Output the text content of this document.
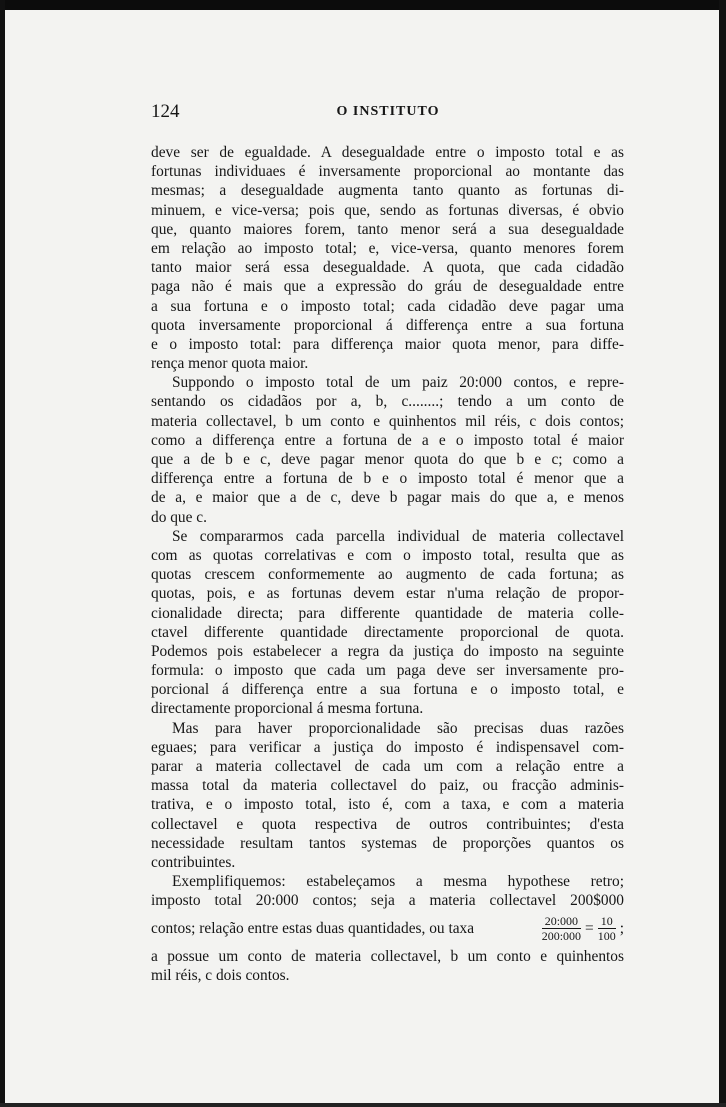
124	O INSTITUTO
deve ser de egualdade. A desegualdade entre o imposto total e as
fortunas individuaes é inversamente proporcional ao montante das
mesmas; a desegualdade augmenta tanto quanto as fortunas di-
minuem, e vice-versa; pois que, sendo as fortunas diversas, é obvio
que, quanto maiores forem, tanto menor será a sua desegualdade
em relação ao imposto total; e, vice-versa, quanto menores forem
tanto maior será essa desegualdade. A quota, que cada cidadão
paga não é mais que a expressão do gráu de desegualdade entre
a sua fortuna e o imposto total; cada cidadão deve pagar uma
quota inversamente proporcional á differença entre a sua fortuna
e o imposto total: para differença maior quota menor, para diffe-
rença menor quota maior.
Suppondo o imposto total de um paiz 20:000 contos, e repre-
sentando os cidadãos por a, b, c........; tendo a um conto de
materia collectavel, b um conto e quinhentos mil réis, c dois contos;
como a differença entre a fortuna de a e o imposto total é maior
que a de b e c, deve pagar menor quota do que b e c; como a
differença entre a fortuna de b e o imposto total é menor que a
de a, e maior que a de c, deve b pagar mais do que a, e menos
do que c.
Se compararmos cada parcella individual de materia collectavel
com as quotas correlativas e com o imposto total, resulta que as
quotas crescem conformemente ao augmento de cada fortuna; as
quotas, pois, e as fortunas devem estar n'uma relação de propor-
cionalidade directa; para differente quantidade de materia colle-
ctavel differente quantidade directamente proporcional de quota.
Podemos pois estabelecer a regra da justiça do imposto na seguinte
formula: o imposto que cada um paga deve ser inversamente pro-
porcional á differença entre a sua fortuna e o imposto total, e
directamente proporcional á mesma fortuna.
Mas para haver proporcionalidade são precisas duas razões
eguaes; para verificar a justiça do imposto é indispensavel com-
parar a materia collectavel de cada um com a relação entre a
massa total da materia collectavel do paiz, ou fracção adminis-
trativa, e o imposto total, isto é, com a taxa, e com a materia
collectavel e quota respectiva de outros contribuintes; d'esta
necessidade resultam tantos systemas de proporções quantos os
contribuintes.
Exemplifiquemos: estabeleçamos a mesma hypothese retro;
imposto total 20:000 contos; seja a materia collectavel 200$000
contos; relação entre estas duas quantidades, ou taxa	$\frac{20:000}{200:000} = \frac{10}{100}$ ;
a possue um conto de materia collectavel, b um conto e quinhentos
mil réis, c dois contos.
